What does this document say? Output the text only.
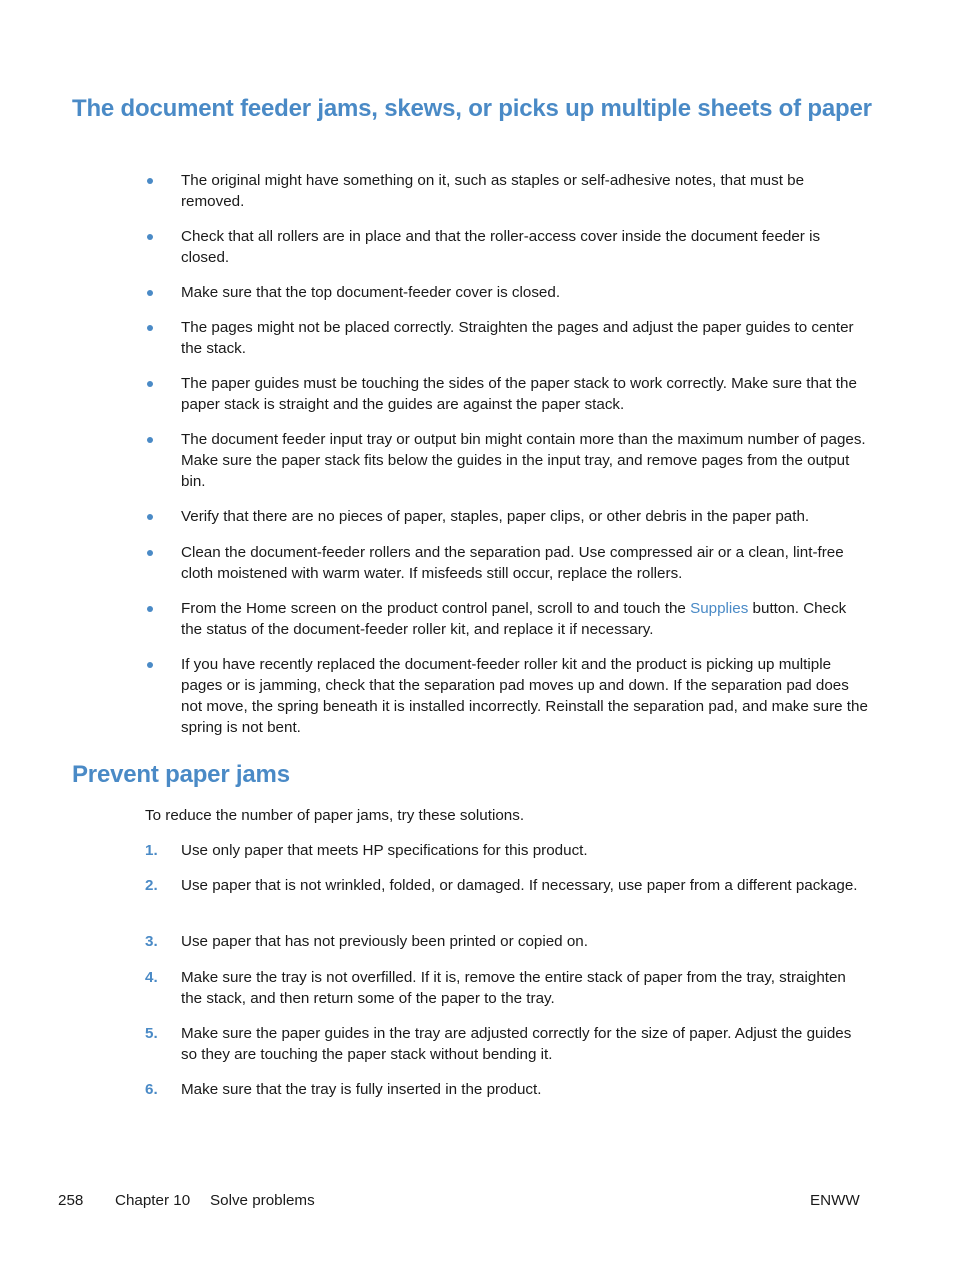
The document feeder jams, skews, or picks up multiple sheets of paper
The original might have something on it, such as staples or self-adhesive notes, that must be removed.
Check that all rollers are in place and that the roller-access cover inside the document feeder is closed.
Make sure that the top document-feeder cover is closed.
The pages might not be placed correctly. Straighten the pages and adjust the paper guides to center the stack.
The paper guides must be touching the sides of the paper stack to work correctly. Make sure that the paper stack is straight and the guides are against the paper stack.
The document feeder input tray or output bin might contain more than the maximum number of pages. Make sure the paper stack fits below the guides in the input tray, and remove pages from the output bin.
Verify that there are no pieces of paper, staples, paper clips, or other debris in the paper path.
Clean the document-feeder rollers and the separation pad. Use compressed air or a clean, lint-free cloth moistened with warm water. If misfeeds still occur, replace the rollers.
From the Home screen on the product control panel, scroll to and touch the Supplies button. Check the status of the document-feeder roller kit, and replace it if necessary.
If you have recently replaced the document-feeder roller kit and the product is picking up multiple pages or is jamming, check that the separation pad moves up and down. If the separation pad does not move, the spring beneath it is installed incorrectly. Reinstall the separation pad, and make sure the spring is not bent.
Prevent paper jams
To reduce the number of paper jams, try these solutions.
1. Use only paper that meets HP specifications for this product.
2. Use paper that is not wrinkled, folded, or damaged. If necessary, use paper from a different package.
3. Use paper that has not previously been printed or copied on.
4. Make sure the tray is not overfilled. If it is, remove the entire stack of paper from the tray, straighten the stack, and then return some of the paper to the tray.
5. Make sure the paper guides in the tray are adjusted correctly for the size of paper. Adjust the guides so they are touching the paper stack without bending it.
6. Make sure that the tray is fully inserted in the product.
258 Chapter 10 Solve problems	ENWW
